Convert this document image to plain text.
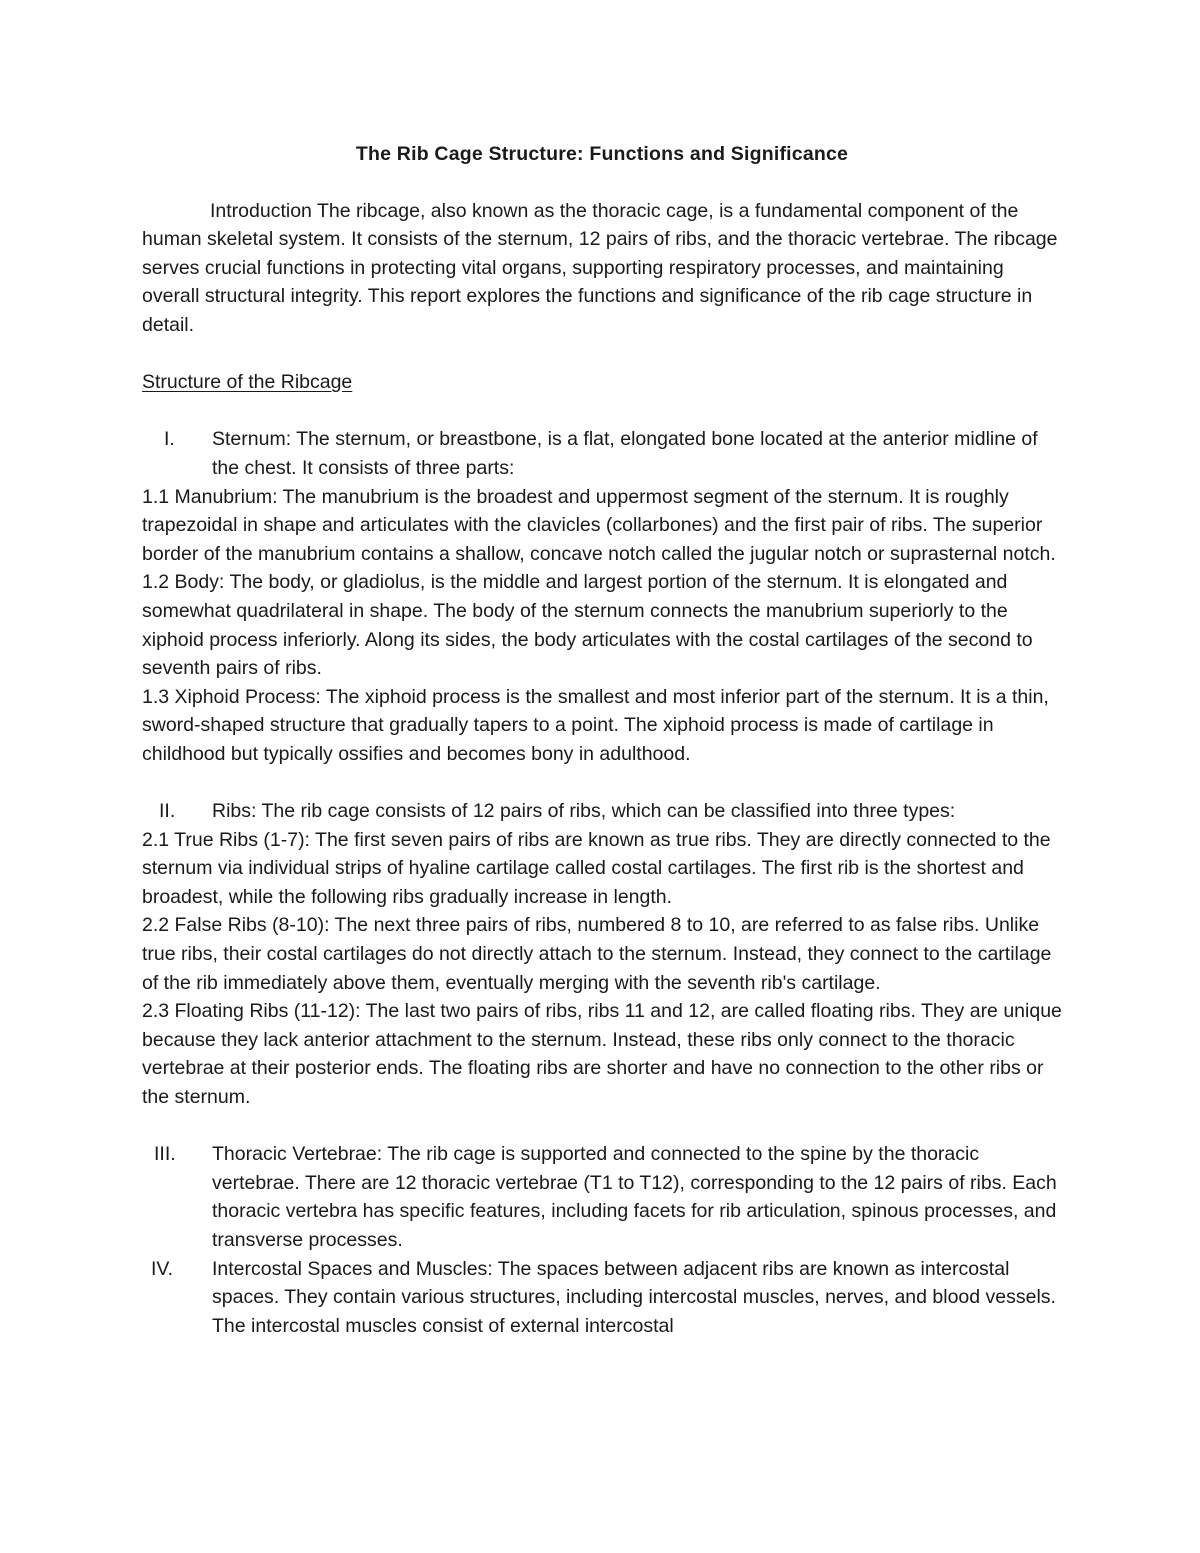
The Rib Cage Structure: Functions and Significance

Introduction The ribcage, also known as the thoracic cage, is a fundamental component of the human skeletal system. It consists of the sternum, 12 pairs of ribs, and the thoracic vertebrae. The ribcage serves crucial functions in protecting vital organs, supporting respiratory processes, and maintaining overall structural integrity. This report explores the functions and significance of the rib cage structure in detail.

Structure of the Ribcage

I.	Sternum: The sternum, or breastbone, is a flat, elongated bone located at the anterior midline of the chest. It consists of three parts:

1.1 Manubrium: The manubrium is the broadest and uppermost segment of the sternum. It is roughly trapezoidal in shape and articulates with the clavicles (collarbones) and the first pair of ribs. The superior border of the manubrium contains a shallow, concave notch called the jugular notch or suprasternal notch.

1.2 Body: The body, or gladiolus, is the middle and largest portion of the sternum. It is elongated and somewhat quadrilateral in shape. The body of the sternum connects the manubrium superiorly to the xiphoid process inferiorly. Along its sides, the body articulates with the costal cartilages of the second to seventh pairs of ribs.

1.3 Xiphoid Process: The xiphoid process is the smallest and most inferior part of the sternum. It is a thin, sword-shaped structure that gradually tapers to a point. The xiphoid process is made of cartilage in childhood but typically ossifies and becomes bony in adulthood.

II.	Ribs: The rib cage consists of 12 pairs of ribs, which can be classified into three types:

2.1 True Ribs (1-7): The first seven pairs of ribs are known as true ribs. They are directly connected to the sternum via individual strips of hyaline cartilage called costal cartilages. The first rib is the shortest and broadest, while the following ribs gradually increase in length.

2.2 False Ribs (8-10): The next three pairs of ribs, numbered 8 to 10, are referred to as false ribs. Unlike true ribs, their costal cartilages do not directly attach to the sternum. Instead, they connect to the cartilage of the rib immediately above them, eventually merging with the seventh rib's cartilage.

2.3 Floating Ribs (11-12): The last two pairs of ribs, ribs 11 and 12, are called floating ribs. They are unique because they lack anterior attachment to the sternum. Instead, these ribs only connect to the thoracic vertebrae at their posterior ends. The floating ribs are shorter and have no connection to the other ribs or the sternum.

III.	Thoracic Vertebrae: The rib cage is supported and connected to the spine by the thoracic vertebrae. There are 12 thoracic vertebrae (T1 to T12), corresponding to the 12 pairs of ribs. Each thoracic vertebra has specific features, including facets for rib articulation, spinous processes, and transverse processes.
IV.	Intercostal Spaces and Muscles: The spaces between adjacent ribs are known as intercostal spaces. They contain various structures, including intercostal muscles, nerves, and blood vessels. The intercostal muscles consist of external intercostal
